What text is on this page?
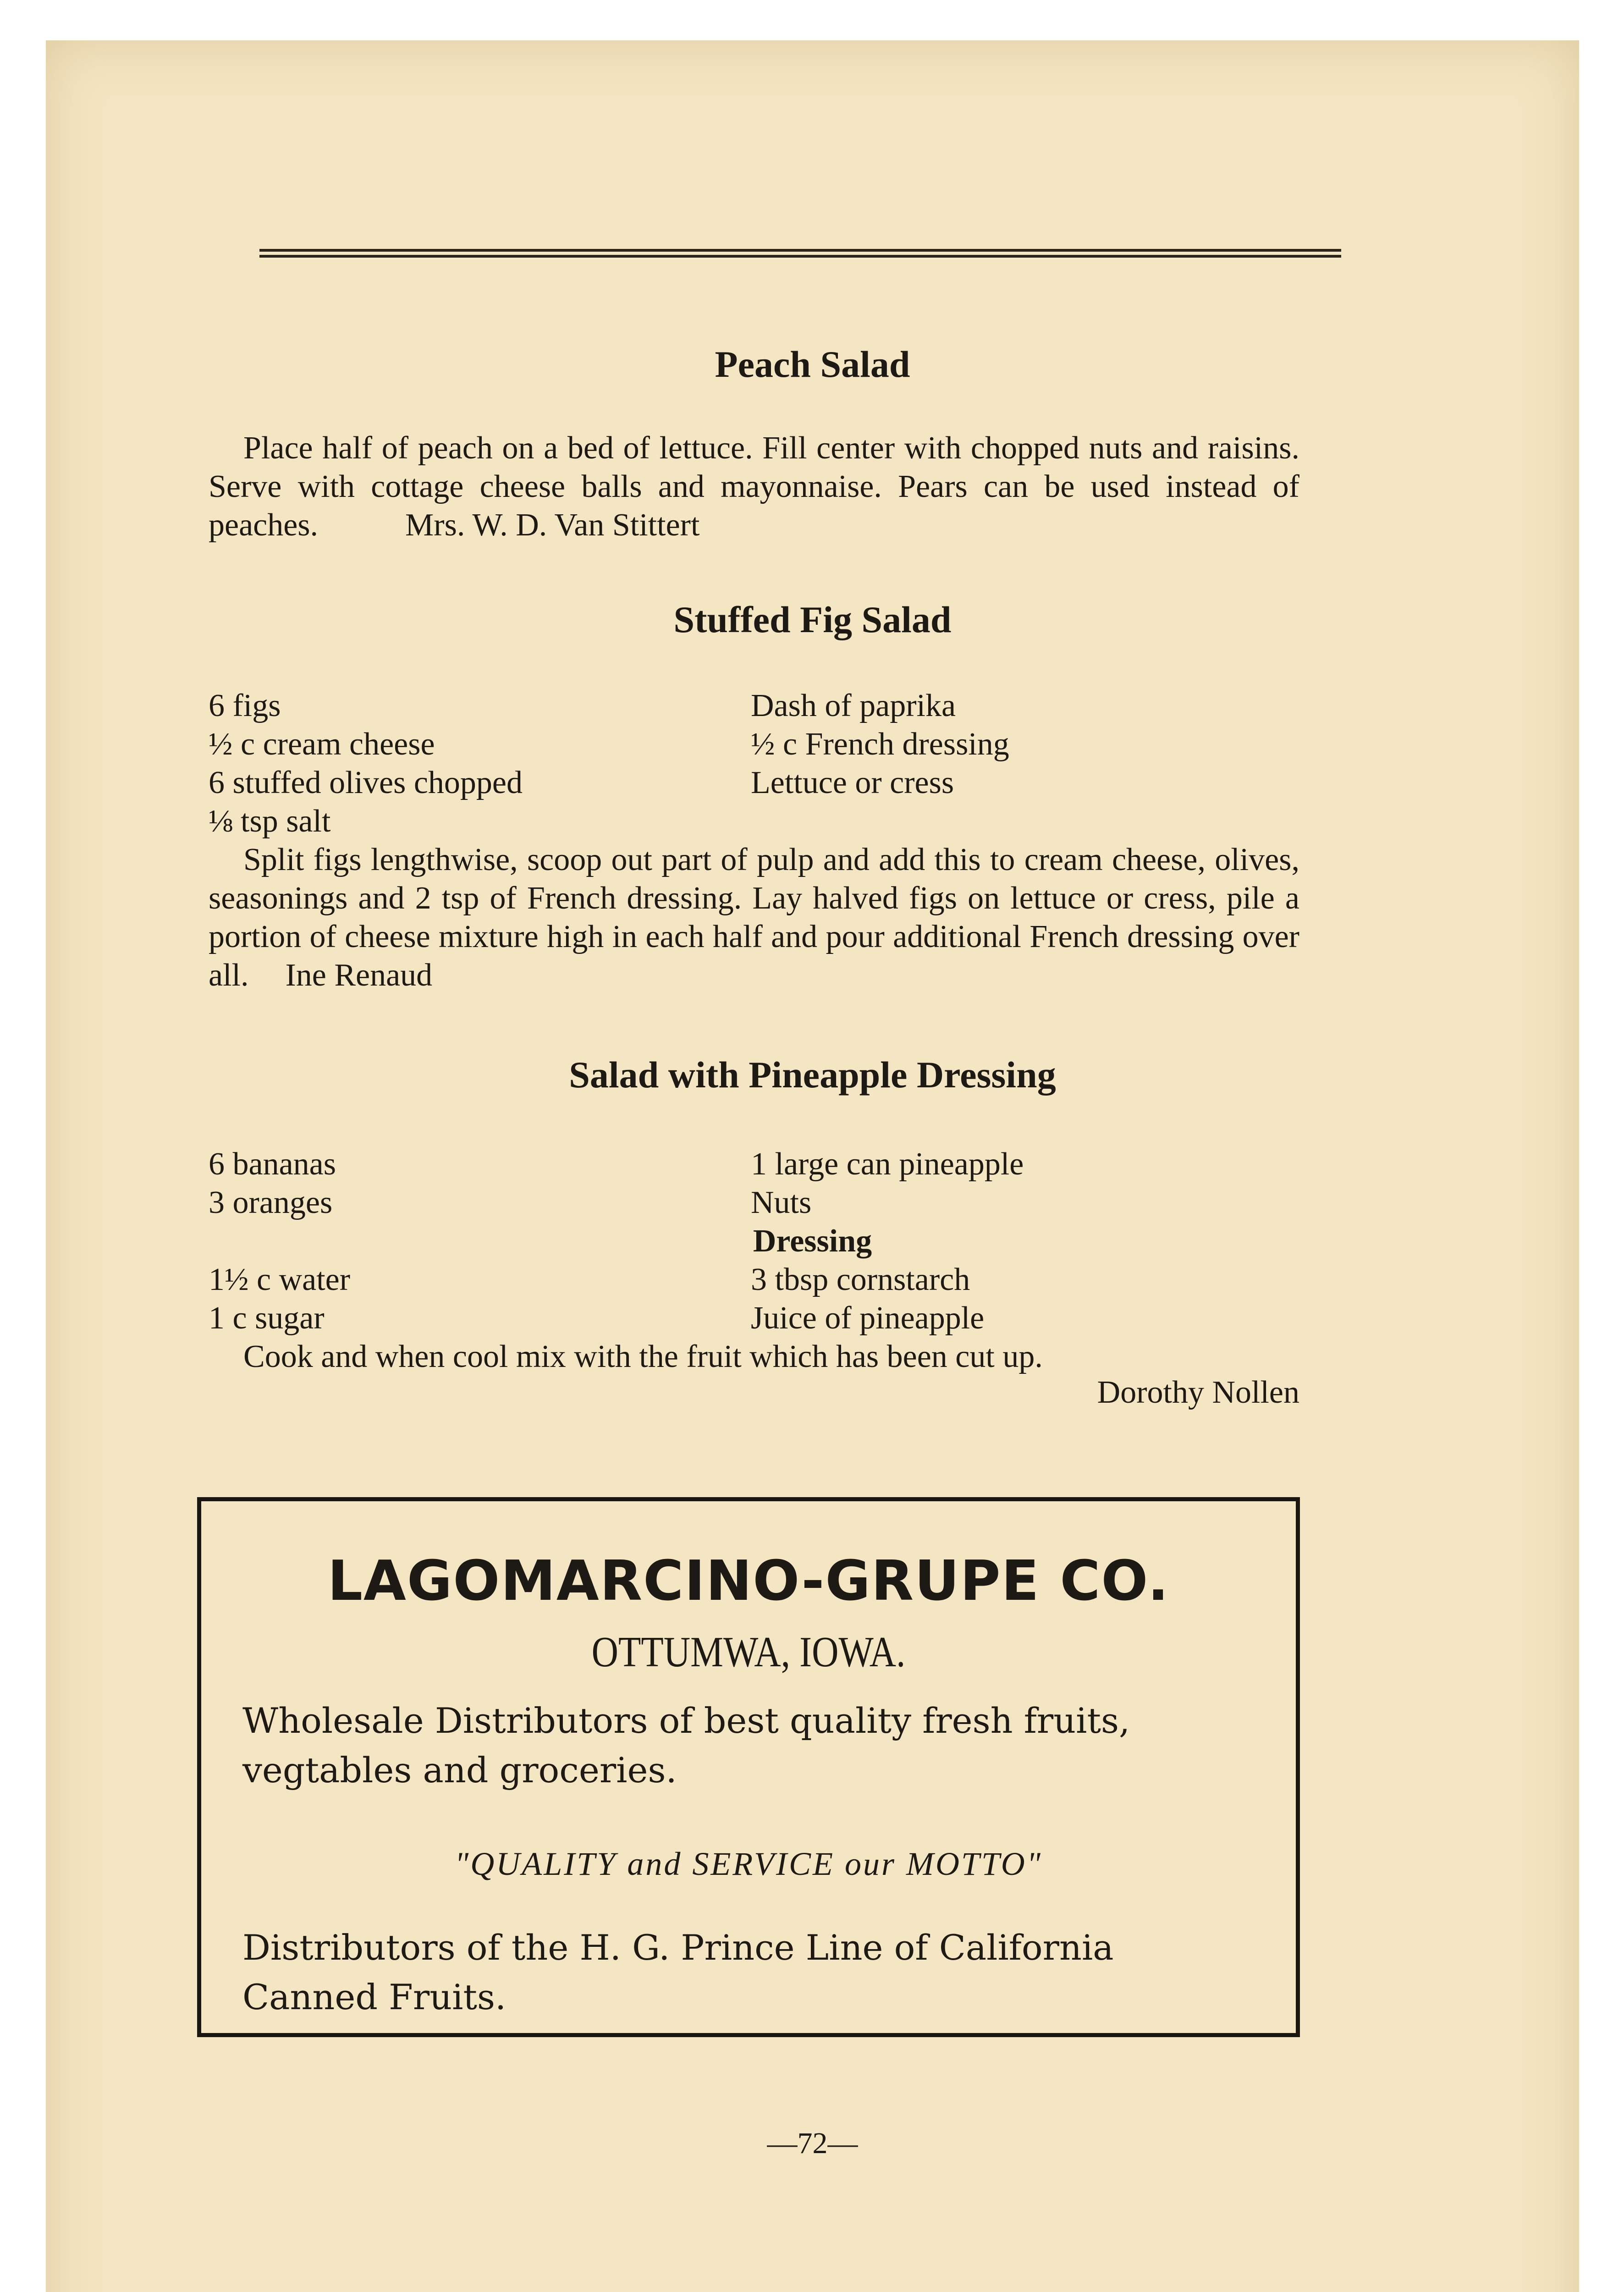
Peach Salad

Place half of peach on a bed of lettuce. Fill center with chopped nuts and raisins. Serve with cottage cheese balls and mayonnaise. Pears can be used instead of peaches.	Mrs. W. D. Van Stittert

Stuffed Fig Salad
6 figs
½ c cream cheese
6 stuffed olives chopped
⅛ tsp salt
Dash of paprika
½ c French dressing
Lettuce or cress

Split figs lengthwise, scoop out part of pulp and add this to cream cheese, olives, seasonings and 2 tsp of French dressing. Lay halved figs on lettuce or cress, pile a portion of cheese mixture high in each half and pour additional French dressing over all. Ine Renaud

Salad with Pineapple Dressing
6 bananas
3 oranges
1 large can pineapple
Nuts
Dressing
1½ c water
1 c sugar
3 tbsp cornstarch
Juice of pineapple
Cook and when cool mix with the fruit which has been cut up.
Dorothy Nollen
LAGOMARCINO-GRUPE CO.
OTTUMWA, IOWA.
Wholesale Distributors of best quality fresh fruits, vegtables and groceries.
"QUALITY and SERVICE our MOTTO"
Distributors of the H. G. Prince Line of California Canned Fruits.
—72—
